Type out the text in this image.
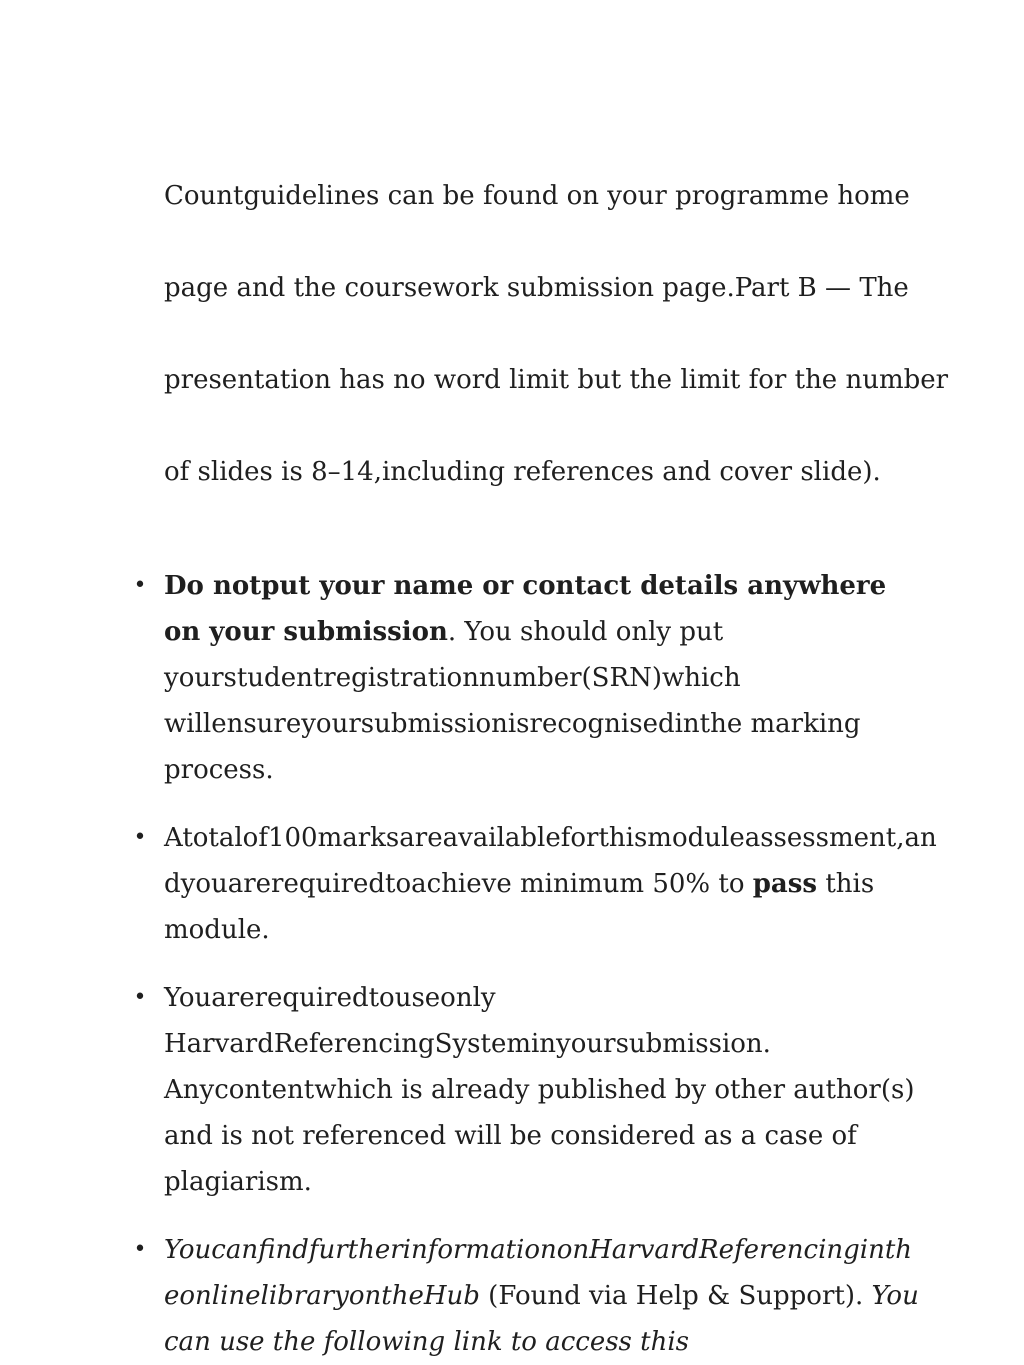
Countguidelines can be found on your programme home

page and the coursework submission page.Part B — The

presentation has no word limit but the limit for the number

of slides is 8–14,including references and cover slide).

• Do notput your name or contact details anywhere
on your submission. You should only put
yourstudentregistrationnumber(SRN)which
willensureyoursubmissionisrecognisedinthe marking
process.
• Atotalof100marksareavailableforthismoduleassessment,an
dyouarerequiredtoachieve minimum 50% to pass this
module.
• Youarerequiredtouseonly
HarvardReferencingSysteminyoursubmission.
Anycontentwhich is already published by other author(s)
and is not referenced will be considered as a case of
plagiarism.
• YoucanfindfurtherinformationonHarvardReferencinginth
eonlinelibraryontheHub (Found via Help & Support). You
can use the following link to access this
